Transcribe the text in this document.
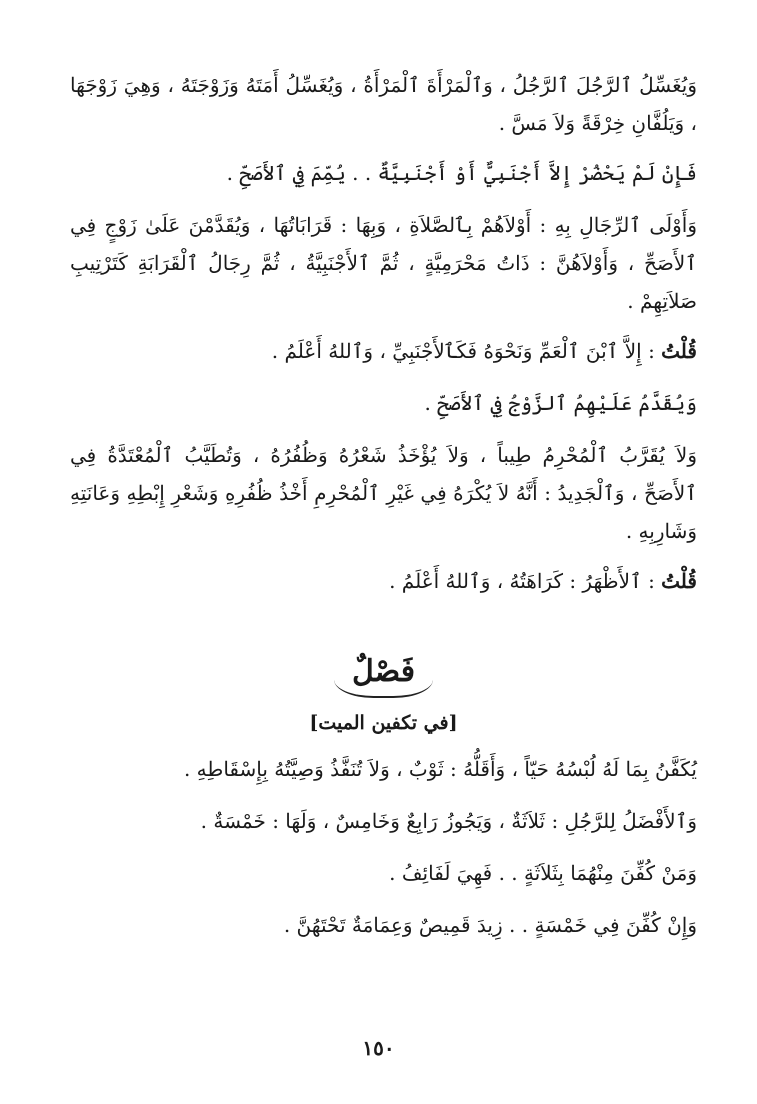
وَيُغَسِّلُ ٱلرَّجُلَ ٱلرَّجُلُ ، وَٱلْمَرْأَةَ ٱلْمَرْأَةُ ، وَيُغَسِّلُ أَمَتَهُ وَزَوْجَتَهُ ، وَهِيَ زَوْجَهَا ، وَيَلُفَّانِ خِرْقَةً وَلاَ مَسَّ .

فَإِنْ لَمْ يَحْضُرْ إِلاَّ أَجْنَبِيٌّ أَوْ أَجْنَبِيَّةٌ . . يُمِّمَ فِي ٱلأَصَحِّ .

وَأَوْلَى ٱلرِّجَالِ بِهِ : أَوْلاَهُمْ بِٱلصَّلاَةِ ، وَبِهَا : قَرَابَاتُهَا ، وَيُقَدَّمْنَ عَلَىٰ زَوْجٍ فِي ٱلأَصَحِّ ، وَأَوْلاَهُنَّ : ذَاتُ مَحْرَمِيَّةٍ ، ثُمَّ ٱلأَجْنَبِيَّةُ ، ثُمَّ رِجَالُ ٱلْقَرَابَةِ كَتَرْتِيبِ صَلاَتِهِمْ .

قُلْتُ : إِلاَّ ٱبْنَ ٱلْعَمِّ وَنَحْوَهُ فَكَٱلأَجْنَبِيِّ ، وَٱللهُ أَعْلَمُ .

وَيُقَدَّمُ عَلَيْهِمُ ٱلزَّوْجُ فِي ٱلأَصَحِّ .

وَلاَ يُقَرَّبُ ٱلْمُحْرِمُ طِيباً ، وَلاَ يُؤْخَذُ شَعْرُهُ وَظُفُرُهُ ، وَتُطَيَّبُ ٱلْمُعْتَدَّةُ فِي ٱلأَصَحِّ ، وَٱلْجَدِيدُ : أَنَّهُ لاَ يُكْرَهُ فِي غَيْرِ ٱلْمُحْرِمِ أَخْذُ ظُفُرِهِ وَشَعْرِ إِبْطِهِ وَعَانَتِهِ وَشَارِبِهِ .

قُلْتُ : ٱلأَظْهَرُ : كَرَاهَتُهُ ، وَٱللهُ أَعْلَمُ .

فَصْلٌ
[في تكفين الميت]

يُكَفَّنُ بِمَا لَهُ لُبْسُهُ حَيّاً ، وَأَقَلُّهُ : ثَوْبٌ ، وَلاَ تُنَفَّذُ وَصِيَّتُهُ بِإِسْقَاطِهِ .

وَٱلأَفْضَلُ لِلرَّجُلِ : ثَلاَثَةٌ ، وَيَجُوزُ رَابِعٌ وَخَامِسٌ ، وَلَهَا : خَمْسَةٌ .

وَمَنْ كُفِّنَ مِنْهُمَا بِثَلاَثَةٍ . . فَهِيَ لَفَائِفُ .

وَإِنْ كُفِّنَ فِي خَمْسَةٍ . . زِيدَ قَمِيصٌ وَعِمَامَةٌ تَحْتَهُنَّ .

١٥٠
